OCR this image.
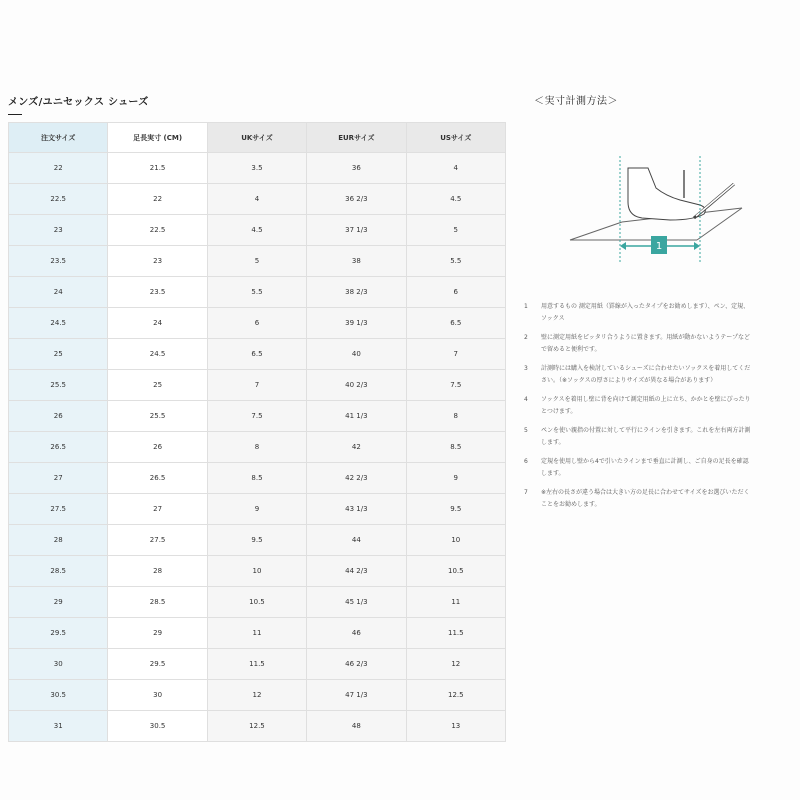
メンズ/ユニセックス シューズ
注文サイズ	足長実寸 (CM)	UKサイズ	EURサイズ	USサイズ
22	21.5	3.5	36	4
22.5	22	4	36 2/3	4.5
23	22.5	4.5	37 1/3	5
23.5	23	5	38	5.5
24	23.5	5.5	38 2/3	6
24.5	24	6	39 1/3	6.5
25	24.5	6.5	40	7
25.5	25	7	40 2/3	7.5
26	25.5	7.5	41 1/3	8
26.5	26	8	42	8.5
27	26.5	8.5	42 2/3	9
27.5	27	9	43 1/3	9.5
28	27.5	9.5	44	10
28.5	28	10	44 2/3	10.5
29	28.5	10.5	45 1/3	11
29.5	29	11	46	11.5
30	29.5	11.5	46 2/3	12
30.5	30	12	47 1/3	12.5
31	30.5	12.5	48	13
＜実寸計測方法＞
1
1 用意するもの 測定用紙（罫線が入ったタイプをお勧めします）、ペン、定規、ソックス
2 壁に測定用紙をピッタリ合うように置きます。用紙が動かないようテープなどで留めると便利です。
3 計測時には購入を検討しているシューズに合わせたいソックスを着用してください。（※ソックスの厚さによりサイズが異なる場合があります）
4 ソックスを着用し壁に背を向けて測定用紙の上に立ち、かかとを壁にぴったりとつけます。
5 ペンを使い親指の付置に対して平行にラインを引きます。これを左右両方計測します。
6 定規を使用し壁から4で引いたラインまで垂直に計測し、ご自身の足長を確認します。
7 ※左右の長さが違う場合は大きい方の足長に合わせてサイズをお選びいただくことをお勧めします。
